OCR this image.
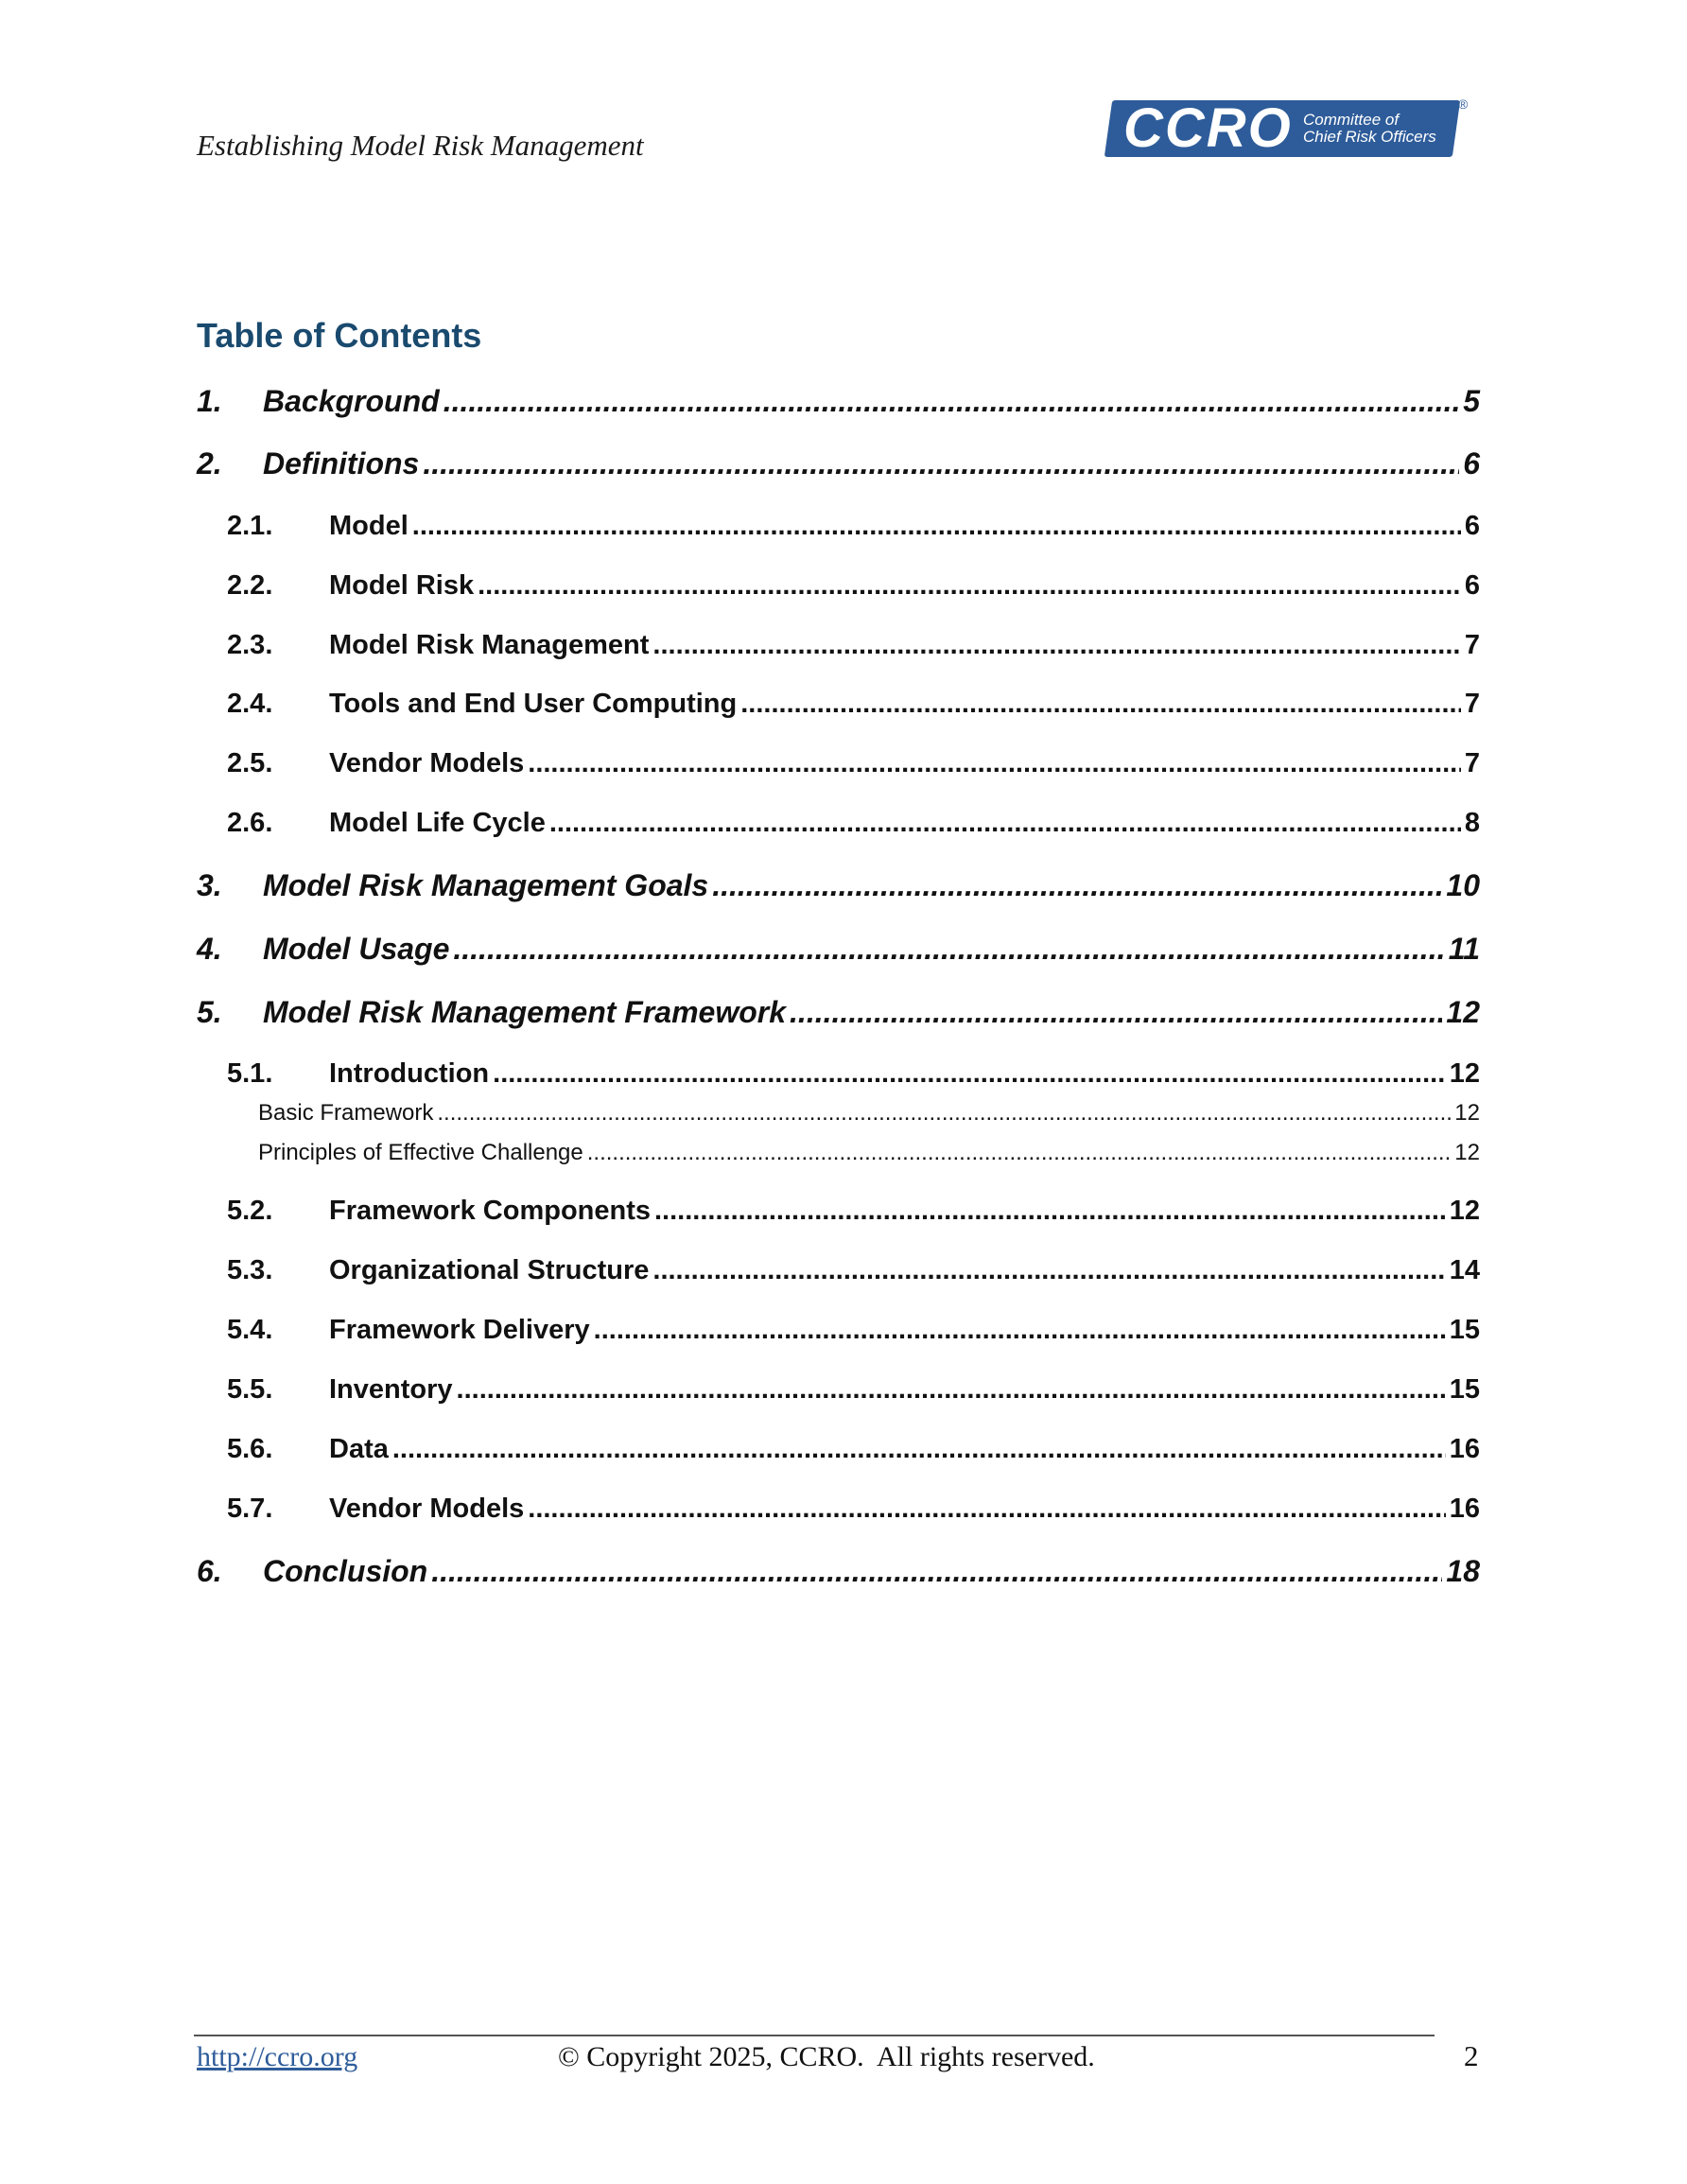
Establishing Model Risk Management	CCRO Committee of
Chief Risk Officers
®
Table of Contents
1.	Background .....	5
2.	Definitions .....	6
2.1.	Model .....	6
2.2.	Model Risk .....	6
2.3.	Model Risk Management .....	7
2.4.	Tools and End User Computing .....	7
2.5.	Vendor Models .....	7
2.6.	Model Life Cycle .....	8
3.	Model Risk Management Goals .....	10
4.	Model Usage .....	11
5.	Model Risk Management Framework .....	12
5.1.	Introduction .....	12
Basic Framework .....	12
Principles of Effective Challenge .....	12
5.2.	Framework Components .....	12
5.3.	Organizational Structure .....	14
5.4.	Framework Delivery .....	15
5.5.	Inventory .....	15
5.6.	Data .....	16
5.7.	Vendor Models .....	16
6.	Conclusion .....	18
http://ccro.org	© Copyright 2025, CCRO.  All rights reserved.	2
